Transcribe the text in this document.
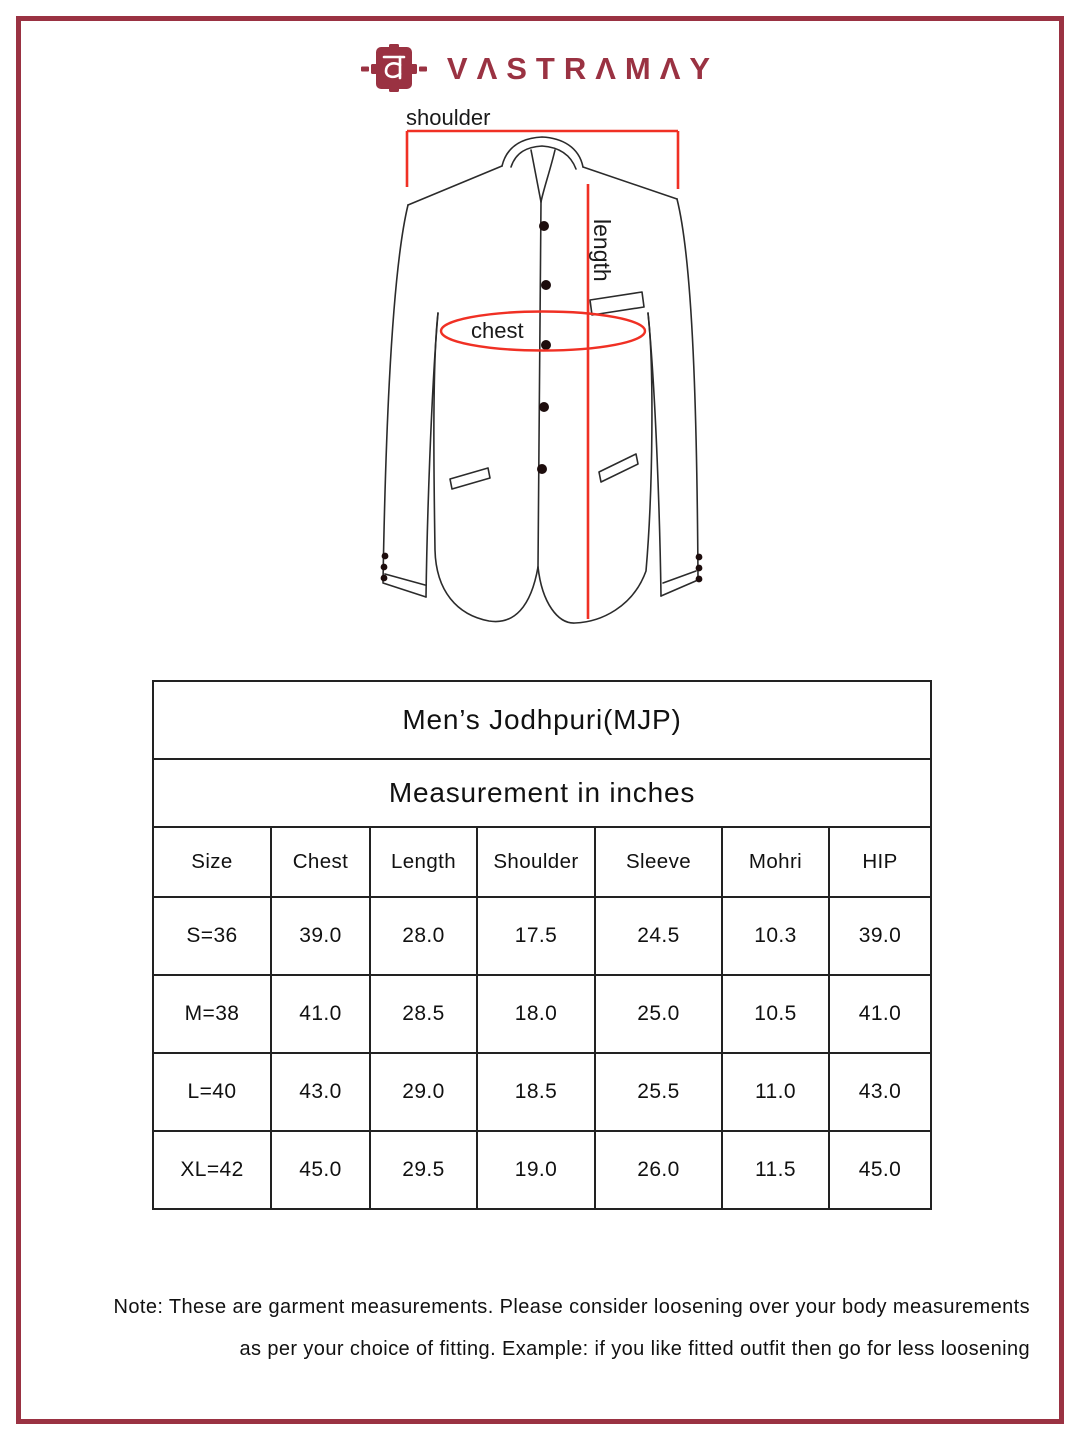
VΛSTRΛMΛY
shoulder
length
chest
Men’s Jodhpuri(MJP)						
Measurement in inches						
Size	Chest	Length	Shoulder	Sleeve	Mohri	HIP
S=36	39.0	28.0	17.5	24.5	10.3	39.0
M=38	41.0	28.5	18.0	25.0	10.5	41.0
L=40	43.0	29.0	18.5	25.5	11.0	43.0
XL=42	45.0	29.5	19.0	26.0	11.5	45.0
Note: These are garment measurements. Please consider loosening over your body measurements
as per your choice of fitting. Example: if you like fitted outfit then go for less loosening
